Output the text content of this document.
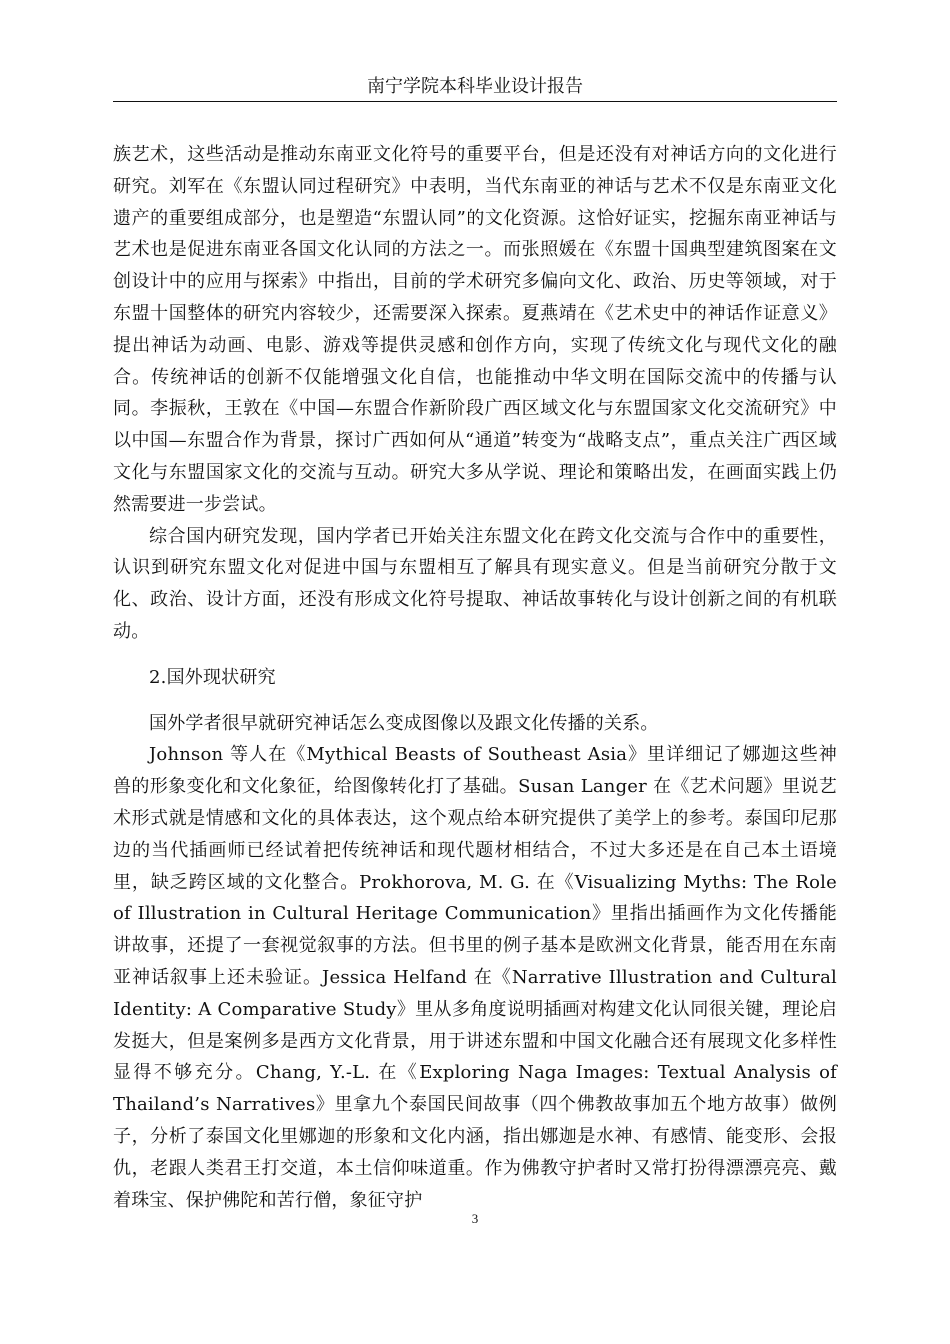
南宁学院本科毕业设计报告

族艺术，这些活动是推动东南亚文化符号的重要平台，但是还没有对神话方向的文化进行研究。刘军在《东盟认同过程研究》中表明，当代东南亚的神话与艺术不仅是东南亚文化遗产的重要组成部分，也是塑造“东盟认同”的文化资源。这恰好证实，挖掘东南亚神话与艺术也是促进东南亚各国文化认同的方法之一。而张照媛在《东盟十国典型建筑图案在文创设计中的应用与探索》中指出，目前的学术研究多偏向文化、政治、历史等领域，对于东盟十国整体的研究内容较少，还需要深入探索。夏燕靖在《艺术史中的神话作证意义》提出神话为动画、电影、游戏等提供灵感和创作方向，实现了传统文化与现代文化的融合。传统神话的创新不仅能增强文化自信，也能推动中华文明在国际交流中的传播与认同。李振秋，王敦在《中国—东盟合作新阶段广西区域文化与东盟国家文化交流研究》中以中国—东盟合作为背景，探讨广西如何从“通道”转变为“战略支点”，重点关注广西区域文化与东盟国家文化的交流与互动。研究大多从学说、理论和策略出发，在画面实践上仍然需要进一步尝试。

综合国内研究发现，国内学者已开始关注东盟文化在跨文化交流与合作中的重要性，认识到研究东盟文化对促进中国与东盟相互了解具有现实意义。但是当前研究分散于文化、政治、设计方面，还没有形成文化符号提取、神话故事转化与设计创新之间的有机联动。

2.国外现状研究

国外学者很早就研究神话怎么变成图像以及跟文化传播的关系。

Johnson 等人在《Mythical Beasts of Southeast Asia》里详细记了娜迦这些神兽的形象变化和文化象征，给图像转化打了基础。Susan Langer 在《艺术问题》里说艺术形式就是情感和文化的具体表达，这个观点给本研究提供了美学上的参考。泰国印尼那边的当代插画师已经试着把传统神话和现代题材相结合，不过大多还是在自己本土语境里，缺乏跨区域的文化整合。Prokhorova, M. G. 在《Visualizing Myths: The Role of Illustration in Cultural Heritage Communication》里指出插画作为文化传播能讲故事，还提了一套视觉叙事的方法。但书里的例子基本是欧洲文化背景，能否用在东南亚神话叙事上还未验证。Jessica Helfand 在《Narrative Illustration and Cultural Identity: A Comparative Study》里从多角度说明插画对构建文化认同很关键，理论启发挺大，但是案例多是西方文化背景，用于讲述东盟和中国文化融合还有展现文化多样性显得不够充分。Chang, Y.-L. 在《Exploring Naga Images: Textual Analysis of Thailand’s Narratives》里拿九个泰国民间故事（四个佛教故事加五个地方故事）做例子，分析了泰国文化里娜迦的形象和文化内涵，指出娜迦是水神、有感情、能变形、会报仇，老跟人类君王打交道，本土信仰味道重。作为佛教守护者时又常打扮得漂漂亮亮、戴着珠宝、保护佛陀和苦行僧，象征守护

3
